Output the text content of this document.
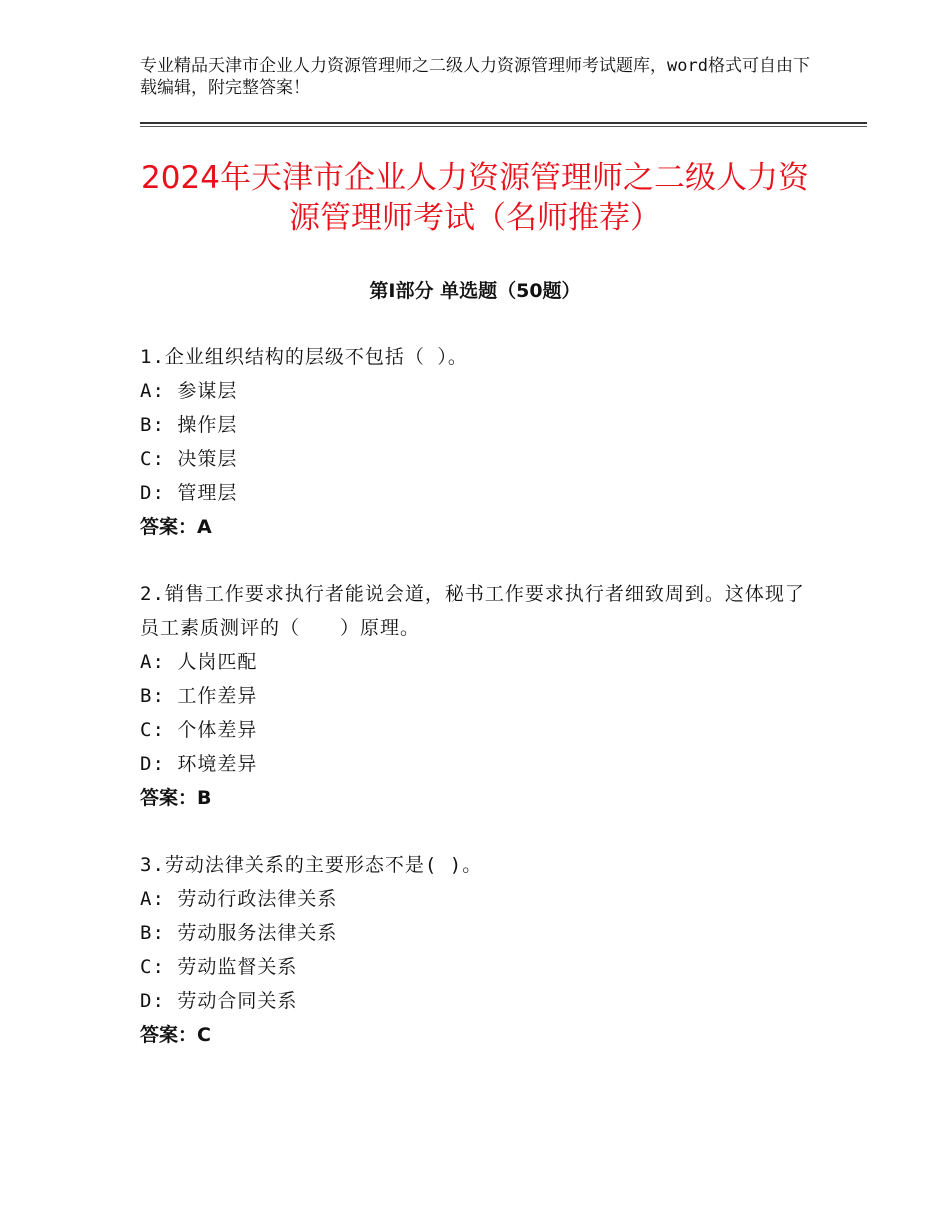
专业精品天津市企业人力资源管理师之二级人力资源管理师考试题库，word格式可自由下载编辑，附完整答案！
2024年天津市企业人力资源管理师之二级人力资源管理师考试（名师推荐）
第Ⅰ部分 单选题（50题）
1.企业组织结构的层级不包括（ ）。
A: 参谋层
B: 操作层
C: 决策层
D: 管理层
答案：A
2.销售工作要求执行者能说会道，秘书工作要求执行者细致周到。这体现了员工素质测评的（　　）原理。
A: 人岗匹配
B: 工作差异
C: 个体差异
D: 环境差异
答案：B
3.劳动法律关系的主要形态不是( )。
A: 劳动行政法律关系
B: 劳动服务法律关系
C: 劳动监督关系
D: 劳动合同关系
答案：C
